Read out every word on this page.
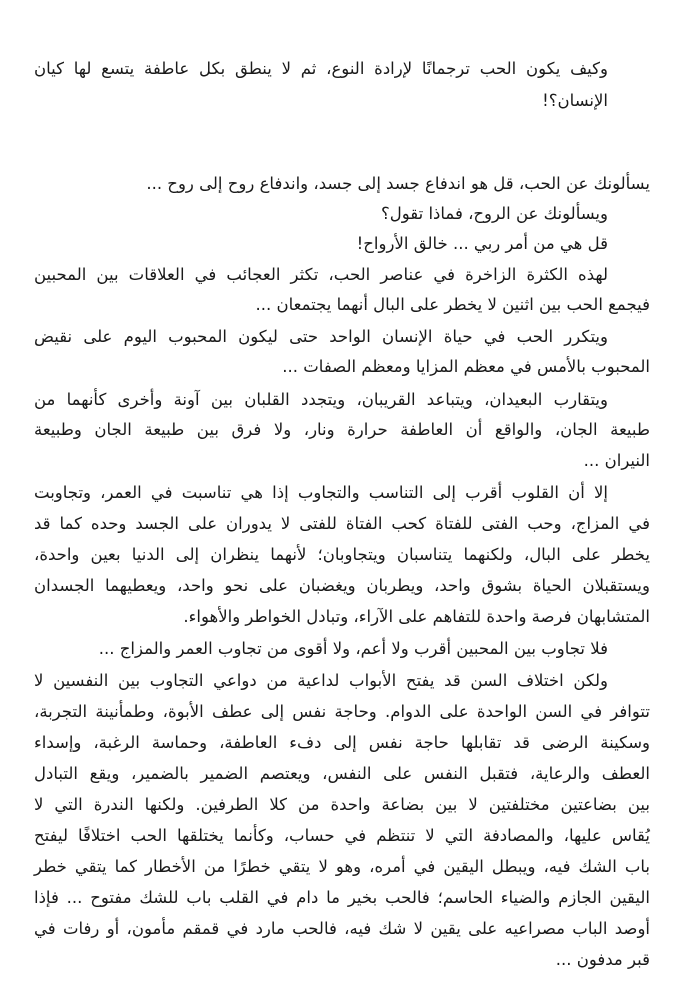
وكيف يكون الحب ترجمانًا لإرادة النوع، ثم لا ينطق بكل عاطفة يتسع لها كيان
الإنسان؟!
يسألونك عن الحب، قل هو اندفاع جسد إلى جسد، واندفاع روح إلى روح ...
ويسألونك عن الروح، فماذا تقول؟
قل هي من أمر ربي ... خالق الأرواح!
لهذه الكثرة الزاخرة في عناصر الحب، تكثر العجائب في العلاقات بين المحبين
فيجمع الحب بين اثنين لا يخطر على البال أنهما يجتمعان ...
ويتكرر الحب في حياة الإنسان الواحد حتى ليكون المحبوب اليوم على نقيض
المحبوب بالأمس في معظم المزايا ومعظم الصفات ...
ويتقارب البعيدان، ويتباعد القريبان، ويتجدد القلبان بين آونة وأخرى كأنهما من
طبيعة الجان، والواقع أن العاطفة حرارة ونار، ولا فرق بين طبيعة الجان وطبيعة
النيران ...
إلا أن القلوب أقرب إلى التناسب والتجاوب إذا هي تناسبت في العمر، وتجاوبت
في المزاج، وحب الفتى للفتاة كحب الفتاة للفتى لا يدوران على الجسد وحده كما قد
يخطر على البال، ولكنهما يتناسبان ويتجاوبان؛ لأنهما ينظران إلى الدنيا بعين واحدة،
ويستقبلان الحياة بشوق واحد، ويطربان ويغضبان على نحو واحد، ويعطيهما الجسدان
المتشابهان فرصة واحدة للتفاهم على الآراء، وتبادل الخواطر والأهواء.
فلا تجاوب بين المحبين أقرب ولا أعم، ولا أقوى من تجاوب العمر والمزاج ...
ولكن اختلاف السن قد يفتح الأبواب لداعية من دواعي التجاوب بين النفسين لا
تتوافر في السن الواحدة على الدوام. وحاجة نفس إلى عطف الأبوة، وطمأنينة التجربة،
وسكينة الرضى قد تقابلها حاجة نفس إلى دفء العاطفة، وحماسة الرغبة، وإسداء
العطف والرعاية، فتقبل النفس على النفس، ويعتصم الضمير بالضمير، ويقع التبادل
بين بضاعتين مختلفتين لا بين بضاعة واحدة من كلا الطرفين. ولكنها الندرة التي لا
يُقاس عليها، والمصادفة التي لا تنتظم في حساب، وكأنما يختلقها الحب اختلافًا ليفتح
باب الشك فيه، ويبطل اليقين في أمره، وهو لا يتقي خطرًا من الأخطار كما يتقي خطر
اليقين الجازم والضياء الحاسم؛ فالحب بخير ما دام في القلب باب للشك مفتوح ... فإذا
أوصد الباب مصراعيه على يقين لا شك فيه، فالحب مارد في قمقم مأمون، أو رفات في
قبر مدفون ...
